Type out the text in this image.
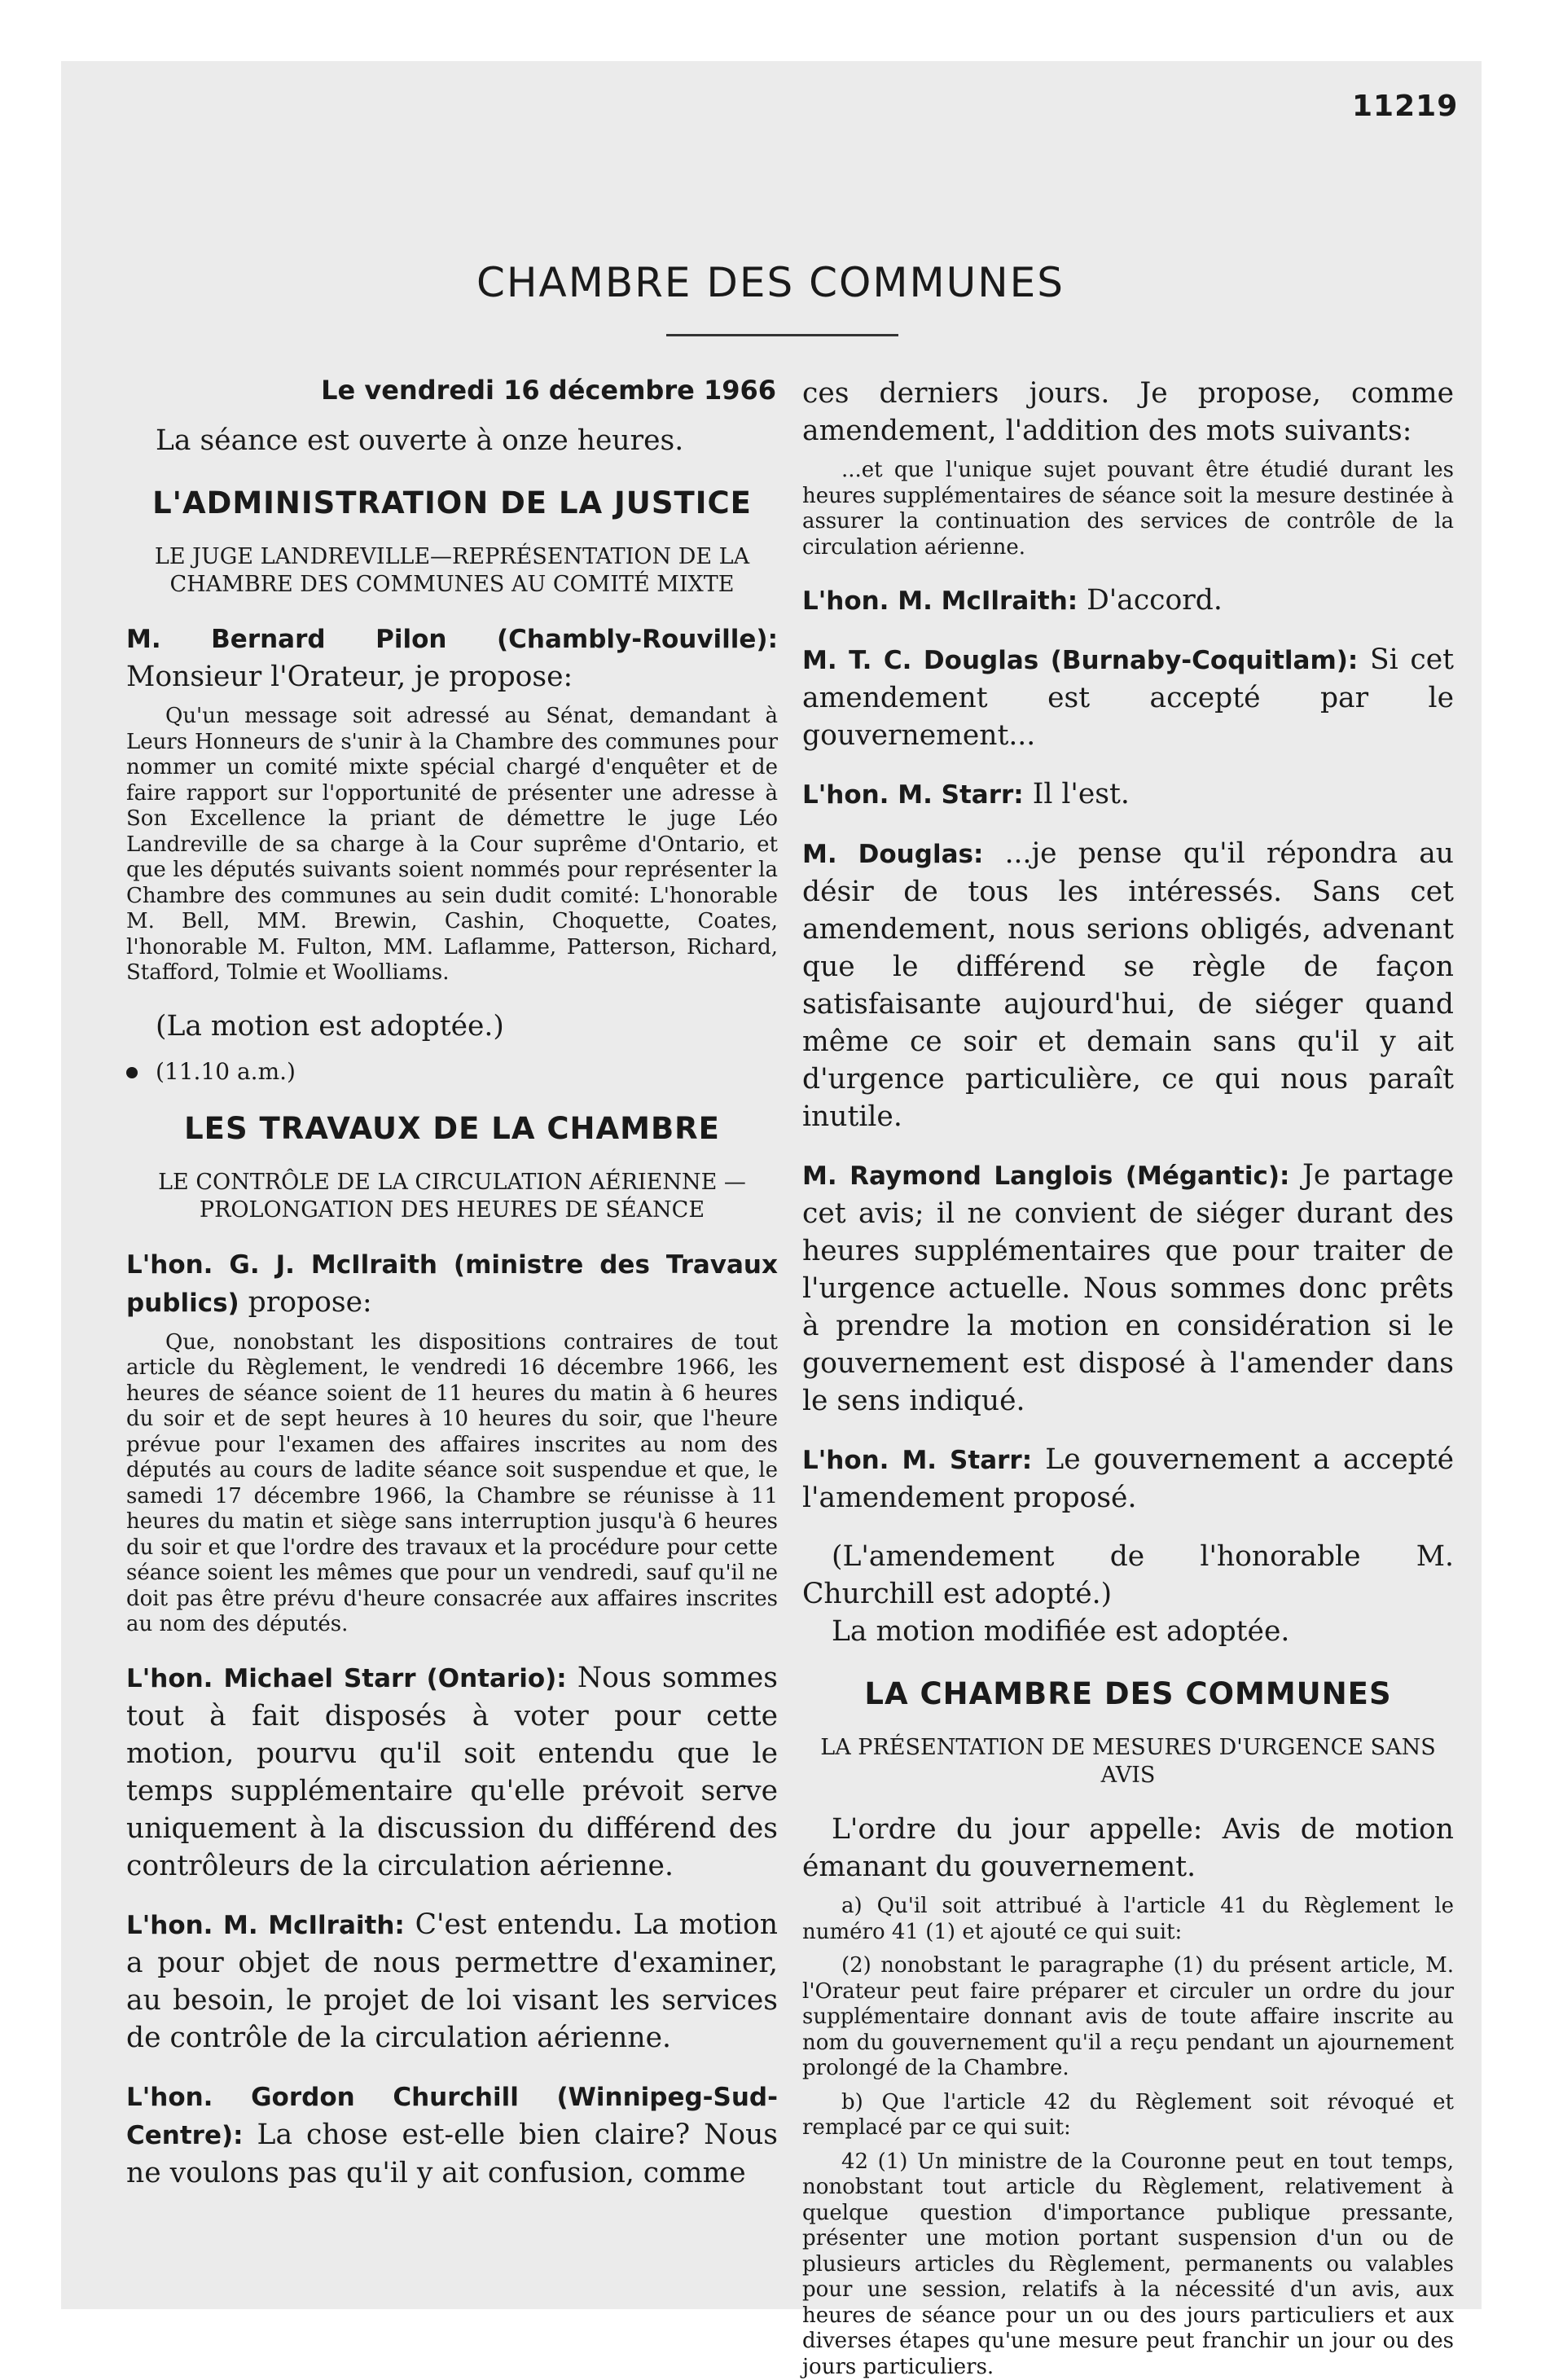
11219
CHAMBRE DES COMMUNES

Le vendredi 16 décembre 1966

La séance est ouverte à onze heures.

L'ADMINISTRATION DE LA JUSTICE

LE JUGE LANDREVILLE—REPRÉSENTATION DE LA CHAMBRE DES COMMUNES AU COMITÉ MIXTE

M. Bernard Pilon (Chambly-Rouville): Monsieur l'Orateur, je propose:

Qu'un message soit adressé au Sénat, demandant à Leurs Honneurs de s'unir à la Chambre des communes pour nommer un comité mixte spécial chargé d'enquêter et de faire rapport sur l'opportunité de présenter une adresse à Son Excellence la priant de démettre le juge Léo Landreville de sa charge à la Cour suprême d'Ontario, et que les députés suivants soient nommés pour représenter la Chambre des communes au sein dudit comité: L'honorable M. Bell, MM. Brewin, Cashin, Choquette, Coates, l'honorable M. Fulton, MM. Laflamme, Patterson, Richard, Stafford, Tolmie et Woolliams.

(La motion est adoptée.)

(11.10 a.m.)

LES TRAVAUX DE LA CHAMBRE

LE CONTRÔLE DE LA CIRCULATION AÉRIENNE —PROLONGATION DES HEURES DE SÉANCE

L'hon. G. J. McIlraith (ministre des Travaux publics) propose:

Que, nonobstant les dispositions contraires de tout article du Règlement, le vendredi 16 décembre 1966, les heures de séance soient de 11 heures du matin à 6 heures du soir et de sept heures à 10 heures du soir, que l'heure prévue pour l'examen des affaires inscrites au nom des députés au cours de ladite séance soit suspendue et que, le samedi 17 décembre 1966, la Chambre se réunisse à 11 heures du matin et siège sans interruption jusqu'à 6 heures du soir et que l'ordre des travaux et la procédure pour cette séance soient les mêmes que pour un vendredi, sauf qu'il ne doit pas être prévu d'heure consacrée aux affaires inscrites au nom des députés.

L'hon. Michael Starr (Ontario): Nous sommes tout à fait disposés à voter pour cette motion, pourvu qu'il soit entendu que le temps supplémentaire qu'elle prévoit serve uniquement à la discussion du différend des contrôleurs de la circulation aérienne.

L'hon. M. McIlraith: C'est entendu. La motion a pour objet de nous permettre d'examiner, au besoin, le projet de loi visant les services de contrôle de la circulation aérienne.

L'hon. Gordon Churchill (Winnipeg-Sud-Centre): La chose est-elle bien claire? Nous ne voulons pas qu'il y ait confusion, comme

ces derniers jours. Je propose, comme amendement, l'addition des mots suivants:

...et que l'unique sujet pouvant être étudié durant les heures supplémentaires de séance soit la mesure destinée à assurer la continuation des services de contrôle de la circulation aérienne.

L'hon. M. McIlraith: D'accord.

M. T. C. Douglas (Burnaby-Coquitlam): Si cet amendement est accepté par le gouvernement...

L'hon. M. Starr: Il l'est.

M. Douglas: ...je pense qu'il répondra au désir de tous les intéressés. Sans cet amendement, nous serions obligés, advenant que le différend se règle de façon satisfaisante aujourd'hui, de siéger quand même ce soir et demain sans qu'il y ait d'urgence particulière, ce qui nous paraît inutile.

M. Raymond Langlois (Mégantic): Je partage cet avis; il ne convient de siéger durant des heures supplémentaires que pour traiter de l'urgence actuelle. Nous sommes donc prêts à prendre la motion en considération si le gouvernement est disposé à l'amender dans le sens indiqué.

L'hon. M. Starr: Le gouvernement a accepté l'amendement proposé.

(L'amendement de l'honorable M. Churchill est adopté.)

La motion modifiée est adoptée.

LA CHAMBRE DES COMMUNES

LA PRÉSENTATION DE MESURES D'URGENCE SANS AVIS

L'ordre du jour appelle: Avis de motion émanant du gouvernement.

a) Qu'il soit attribué à l'article 41 du Règlement le numéro 41 (1) et ajouté ce qui suit:

(2) nonobstant le paragraphe (1) du présent article, M. l'Orateur peut faire préparer et circuler un ordre du jour supplémentaire donnant avis de toute affaire inscrite au nom du gouvernement qu'il a reçu pendant un ajournement prolongé de la Chambre.

b) Que l'article 42 du Règlement soit révoqué et remplacé par ce qui suit:

42 (1) Un ministre de la Couronne peut en tout temps, nonobstant tout article du Règlement, relativement à quelque question d'importance publique pressante, présenter une motion portant suspension d'un ou de plusieurs articles du Règlement, permanents ou valables pour une session, relatifs à la nécessité d'un avis, aux heures de séance pour un ou des jours particuliers et aux diverses étapes qu'une mesure peut franchir un jour ou des jours particuliers.
